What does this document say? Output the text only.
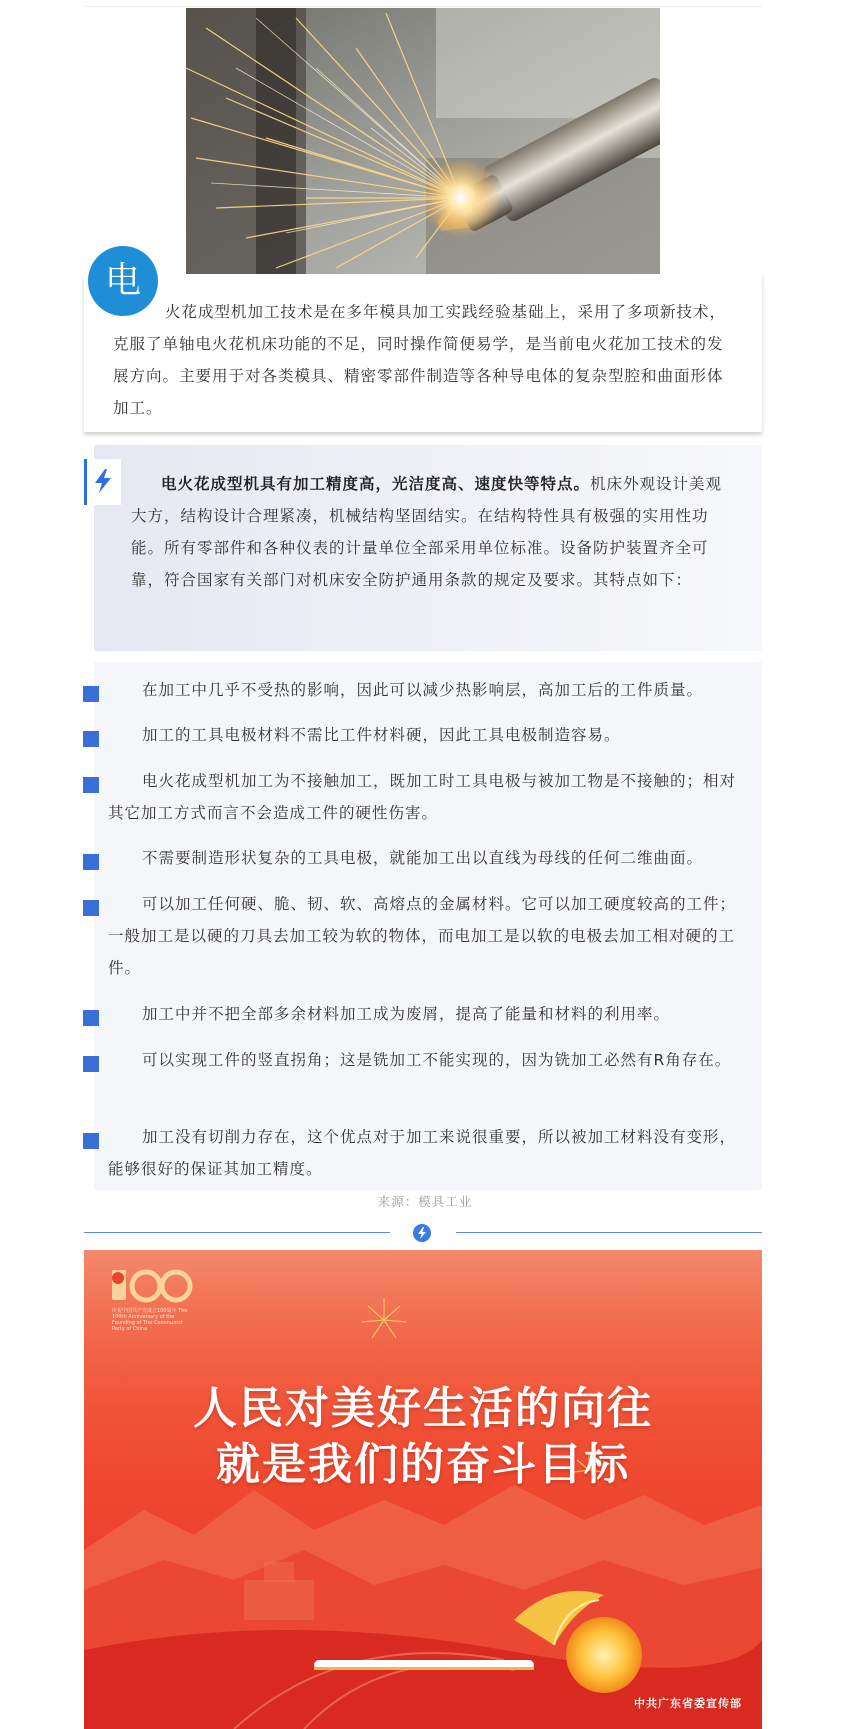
电
火花成型机加工技术是在多年模具加工实践经验基础上，采用了多项新技术，克服了单轴电火花机床功能的不足，同时操作简便易学，是当前电火花加工技术的发展方向。主要用于对各类模具、精密零部件制造等各种导电体的复杂型腔和曲面形体加工。
电火花成型机具有加工精度高，光洁度高、速度快等特点。机床外观设计美观大方，结构设计合理紧凑，机械结构坚固结实。在结构特性具有极强的实用性功能。所有零部件和各种仪表的计量单位全部采用单位标准。设备防护装置齐全可靠，符合国家有关部门对机床安全防护通用条款的规定及要求。其特点如下：
在加工中几乎不受热的影响，因此可以减少热影响层，高加工后的工件质量。
加工的工具电极材料不需比工件材料硬，因此工具电极制造容易。
电火花成型机加工为不接触加工，既加工时工具电极与被加工物是不接触的；相对其它加工方式而言不会造成工件的硬性伤害。
不需要制造形状复杂的工具电极，就能加工出以直线为母线的任何二维曲面。
可以加工任何硬、脆、韧、软、高熔点的金属材料。它可以加工硬度较高的工件；一般加工是以硬的刀具去加工较为软的物体，而电加工是以软的电极去加工相对硬的工件。
加工中并不把全部多余材料加工成为废屑，提高了能量和材料的利用率。
可以实现工件的竖直拐角；这是铣加工不能实现的，因为铣加工必然有R角存在。
加工没有切削力存在，这个优点对于加工来说很重要，所以被加工材料没有变形，能够很好的保证其加工精度。
来源：模具工业
庆祝中国共产党成立100周年 The 100th Anniversary of the Founding of The Communist Party of China
人民对美好生活的向往
就是我们的奋斗目标
中共广东省委宣传部
